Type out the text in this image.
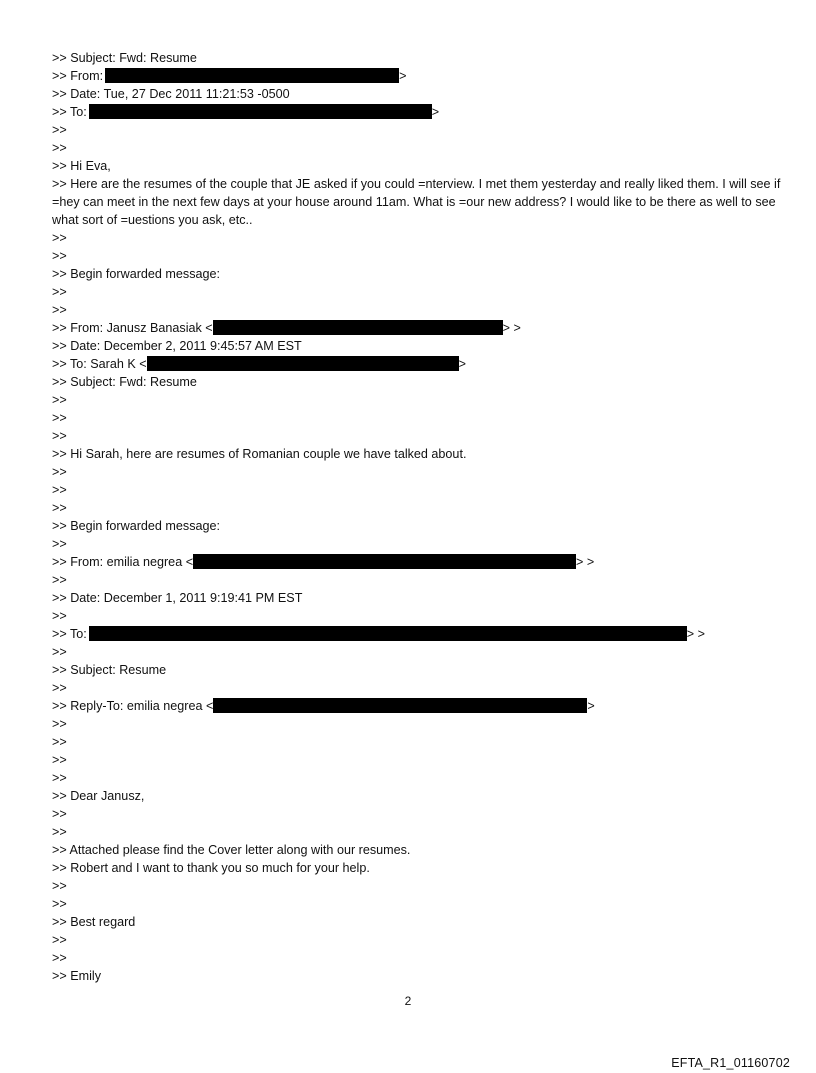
>> Subject: Fwd: Resume
>> From:	>
>> Date: Tue, 27 Dec 2011 11:21:53 -0500
>> To:	>
>>
>>
>> Hi Eva,
>> Here are the resumes of the couple that JE asked if you could =nterview. I met them yesterday and really liked them. I will see if =hey can meet in the next few days at your house around 11am. What is =our new address? I would like to be there as well to see what sort of =uestions you ask, etc..
>>
>>
>> Begin forwarded message:
>>
>>
>> From: Janusz Banasiak <	> >
>> Date: December 2, 2011 9:45:57 AM EST
>> To: Sarah K <	>
>> Subject: Fwd: Resume
>>
>>
>>
>> Hi Sarah, here are resumes of Romanian couple we have talked about.
>>
>>
>>
>> Begin forwarded message:
>>
>> From: emilia negrea <	> >
>>
>> Date: December 1, 2011 9:19:41 PM EST
>>
>> To:	> >
>>
>> Subject: Resume
>>
>> Reply-To: emilia negrea <	>
>>
>>
>>
>>
>> Dear Janusz,
>>
>>
>> Attached please find the Cover letter along with our resumes.
>> Robert and I want to thank you so much for your help.
>>
>>
>> Best regard
>>
>>
>> Emily
2
EFTA_R1_01160702
